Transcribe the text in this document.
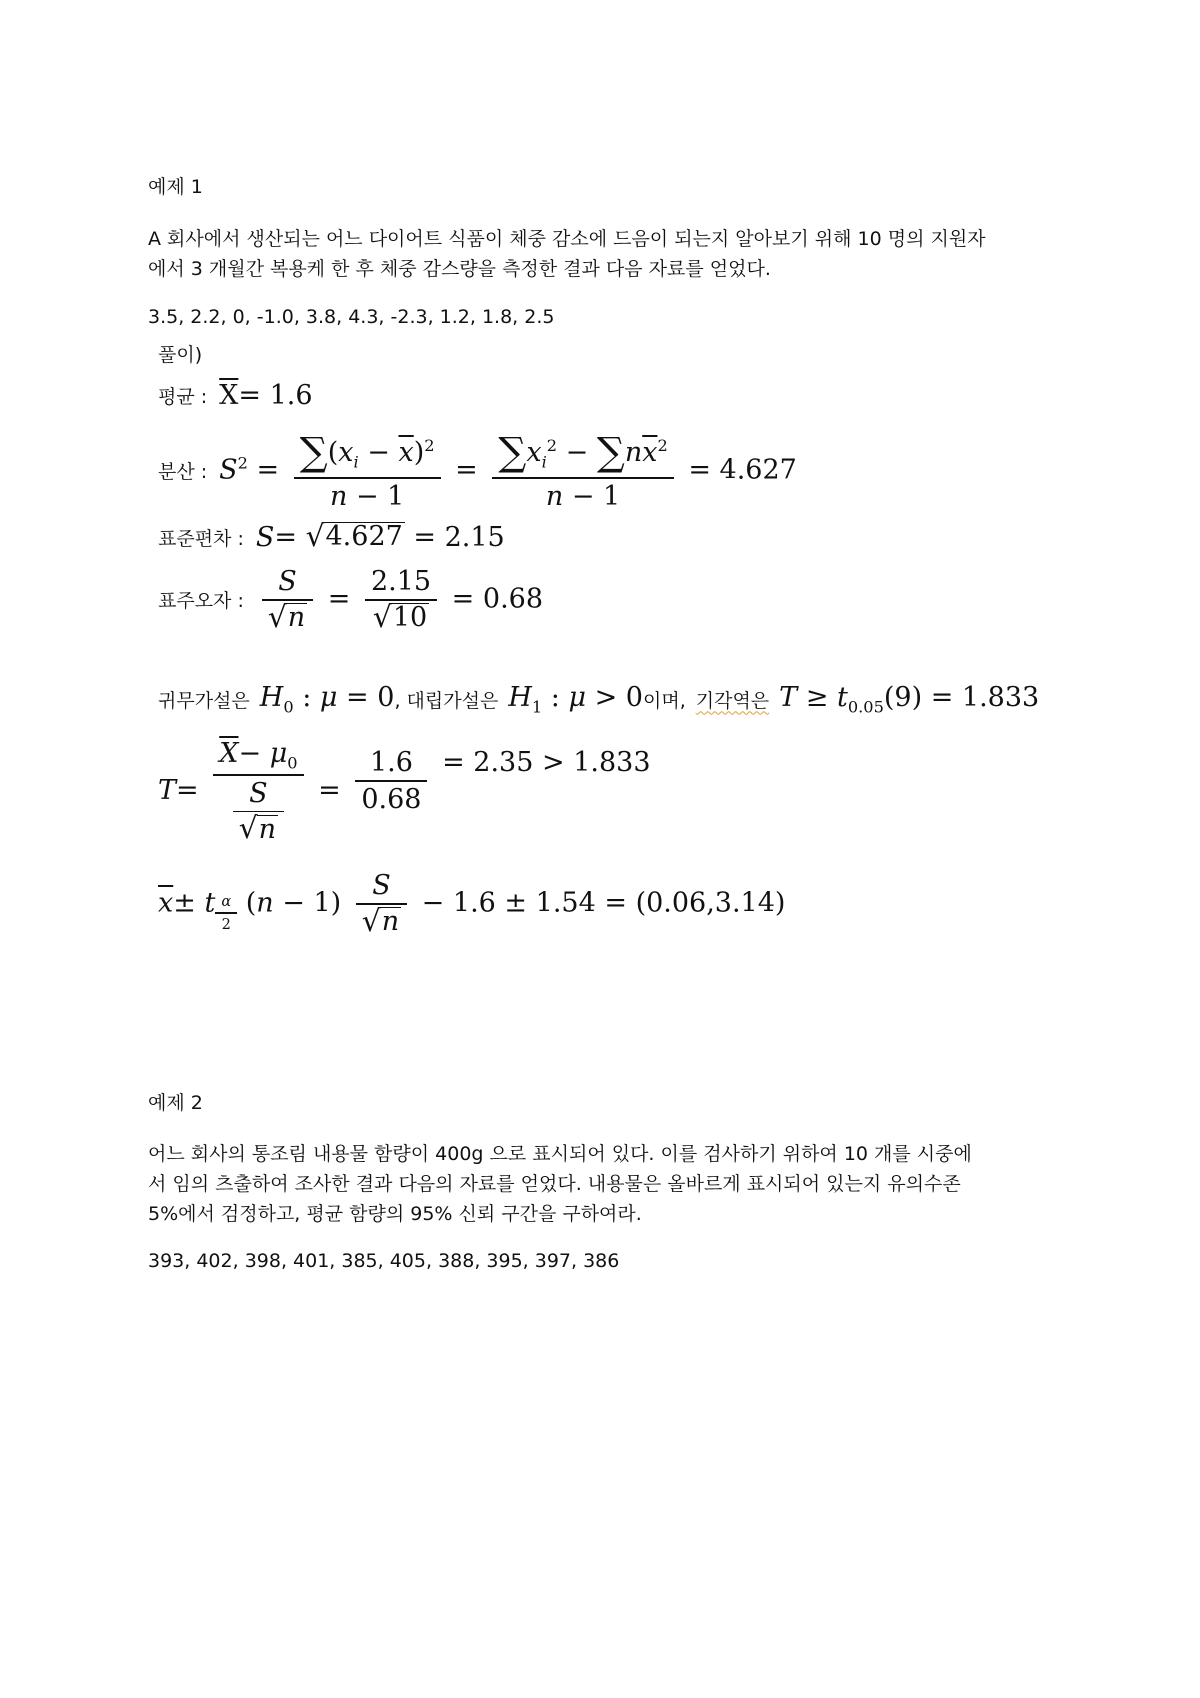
예제 1
A 회사에서 생산되는 어느 다이어트 식품이 체중 감소에 드음이 되는지 알아보기 위해 10 명의 지원자
에서 3 개월간 복용케 한 후 체중 감스량을 측정한 결과 다음 자료를 얻었다.
3.5, 2.2, 0, -1.0, 3.8, 4.3, -2.3, 1.2, 1.8, 2.5
풀이)
평균 : $\overline{X}= 1.6$
분산 : $S^2 = \frac{\sum(x_i - \overline{x})^2}{n - 1} = \frac{\sum x_i^2 - \sum n\overline{x}^2}{n - 1} = 4.627$
표준편차 : S= √ 4.627 = 2.15
표주오자 : $\frac{S}{√ n} = \frac{2.15}{√ 10} = 0.68$
귀무가설은 $H_0$ : μ = 0 , 대립가설은 $H_1$ : μ > 0 이며, 기각역은 $T \ge t_{0.05}(9) = 1.833$
$T= \frac{\overline{X}- \mu_0}{\frac{S}{√ n}} = \frac{1.6}{0.68} = 2.35 > 1.833$
$\overline{x}\pm t$ $_{\frac{\alpha}{2}}$ $(n - 1) \frac{S}{√ n} - 1.6 \pm 1.54 = (0.06,3.14)$
예제 2
어느 회사의 통조림 내용물 함량이 400g 으로 표시되어 있다. 이를 검사하기 위하여 10 개를 시중에
서 임의 츠출하여 조사한 결과 다음의 자료를 얻었다. 내용물은 올바르게 표시되어 있는지 유의수존
5%에서 검정하고, 평균 함량의 95% 신뢰 구간을 구하여라.
393, 402, 398, 401, 385, 405, 388, 395, 397, 386
